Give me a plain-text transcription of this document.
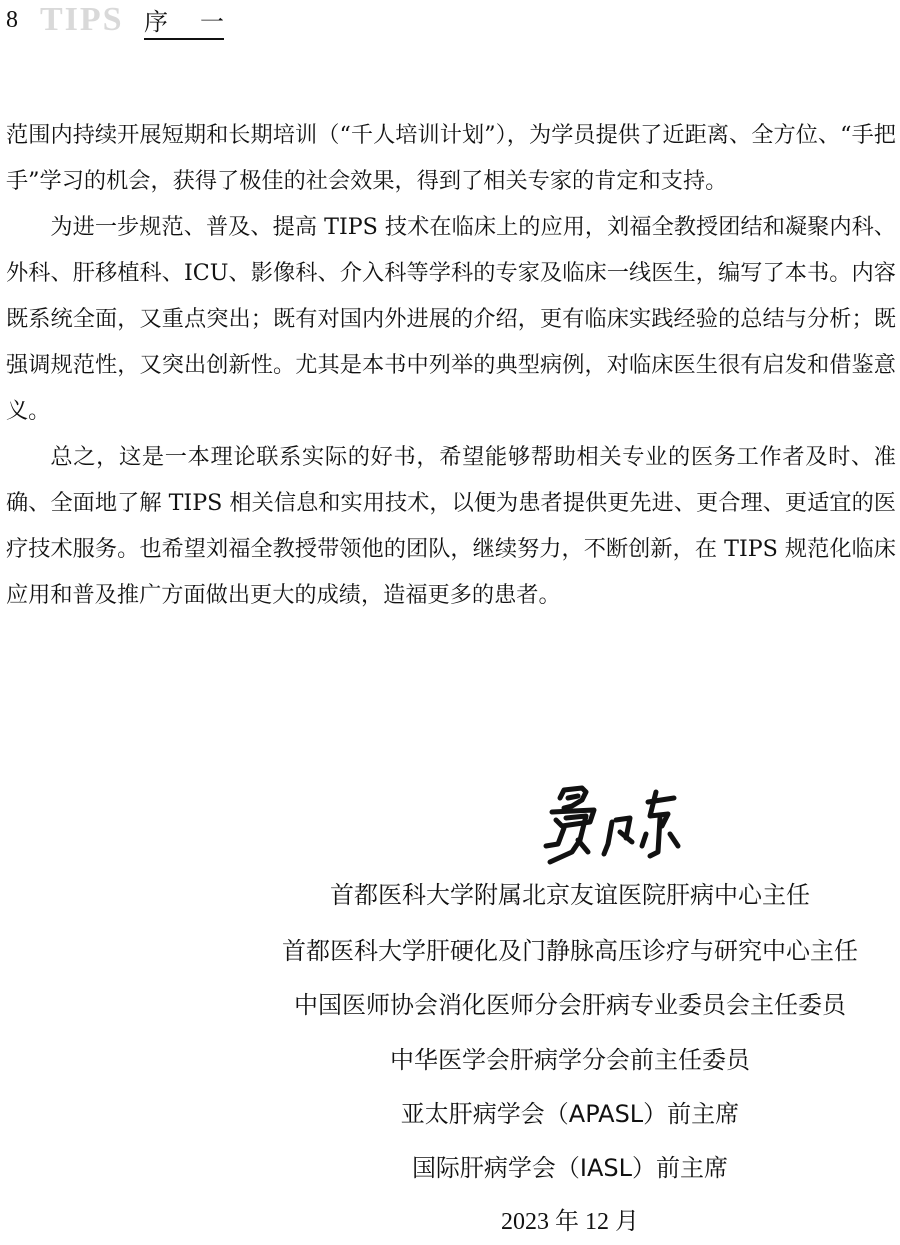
8 TIPS 序一

范围内持续开展短期和长期培训（“千人培训计划”），为学员提供了近距离、全方位、“手把手”学习的机会，获得了极佳的社会效果，得到了相关专家的肯定和支持。

为进一步规范、普及、提高 TIPS 技术在临床上的应用，刘福全教授团结和凝聚内科、外科、肝移植科、ICU、影像科、介入科等学科的专家及临床一线医生，编写了本书。内容既系统全面，又重点突出；既有对国内外进展的介绍，更有临床实践经验的总结与分析；既强调规范性，又突出创新性。尤其是本书中列举的典型病例，对临床医生很有启发和借鉴意义。

总之，这是一本理论联系实际的好书，希望能够帮助相关专业的医务工作者及时、准确、全面地了解 TIPS 相关信息和实用技术，以便为患者提供更先进、更合理、更适宜的医疗技术服务。也希望刘福全教授带领他的团队，继续努力，不断创新，在 TIPS 规范化临床应用和普及推广方面做出更大的成绩，造福更多的患者。

首都医科大学附属北京友谊医院肝病中心主任
首都医科大学肝硬化及门静脉高压诊疗与研究中心主任
中国医师协会消化医师分会肝病专业委员会主任委员
中华医学会肝病学分会前主任委员
亚太肝病学会（APASL）前主席
国际肝病学会（IASL）前主席
2023 年 12 月
